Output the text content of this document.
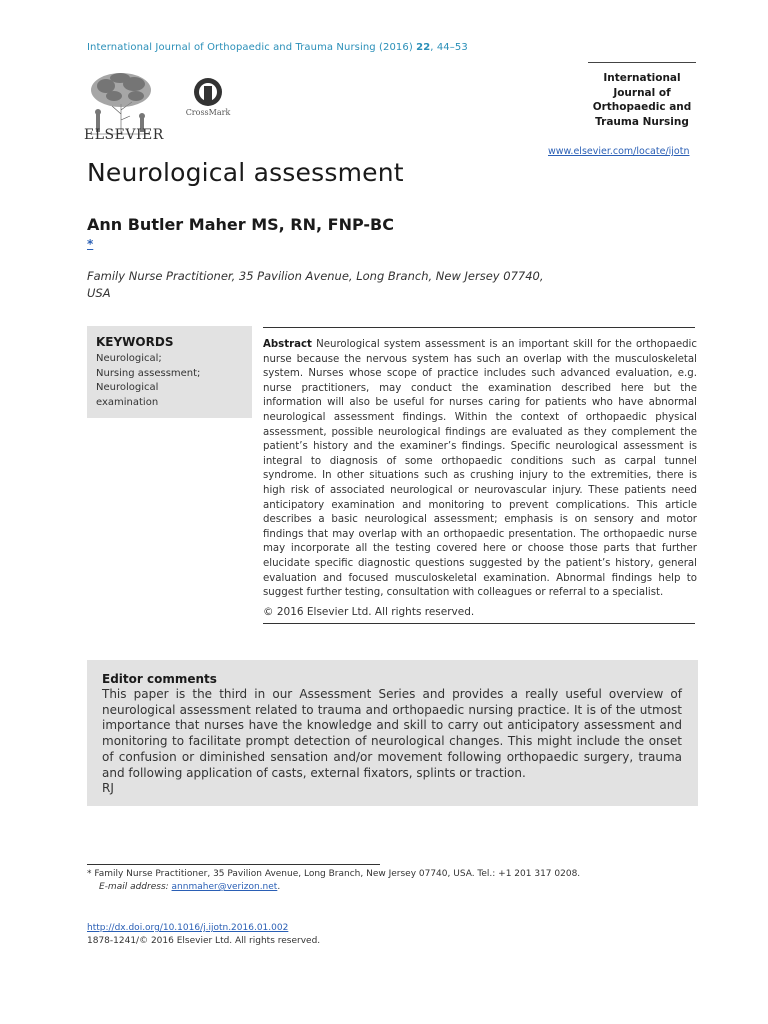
International Journal of Orthopaedic and Trauma Nursing (2016) 22, 44–53
ELSEVIER
CrossMark
International Journal of Orthopaedic and Trauma Nursing
www.elsevier.com/locate/ijotn
Neurological assessment
Ann Butler Maher MS, RN, FNP-BC
*
Family Nurse Practitioner, 35 Pavilion Avenue, Long Branch, New Jersey 07740, USA
KEYWORDS
Neurological;
Nursing assessment;
Neurological examination
Abstract Neurological system assessment is an important skill for the orthopaedic nurse because the nervous system has such an overlap with the musculoskeletal system. Nurses whose scope of practice includes such advanced evaluation, e.g. nurse practitioners, may conduct the examination described here but the information will also be useful for nurses caring for patients who have abnormal neurological assessment findings. Within the context of orthopaedic physical assessment, possible neurological findings are evaluated as they complement the patient’s history and the examiner’s findings. Specific neurological assessment is integral to diagnosis of some orthopaedic conditions such as carpal tunnel syndrome. In other situations such as crushing injury to the extremities, there is high risk of associated neurological or neurovascular injury. These patients need anticipatory examination and monitoring to prevent complications. This article describes a basic neurological assessment; emphasis is on sensory and motor findings that may overlap with an orthopaedic presentation. The orthopaedic nurse may incorporate all the testing covered here or choose those parts that further elucidate specific diagnostic questions suggested by the patient’s history, general evaluation and focused musculoskeletal examination. Abnormal findings help to suggest further testing, consultation with colleagues or referral to a specialist.
© 2016 Elsevier Ltd. All rights reserved.
Editor comments
This paper is the third in our Assessment Series and provides a really useful overview of neurological assessment related to trauma and orthopaedic nursing practice. It is of the utmost importance that nurses have the knowledge and skill to carry out anticipatory assessment and monitoring to facilitate prompt detection of neurological changes. This might include the onset of confusion or diminished sensation and/or movement following orthopaedic surgery, trauma and following application of casts, external fixators, splints or traction.
RJ
* Family Nurse Practitioner, 35 Pavilion Avenue, Long Branch, New Jersey 07740, USA. Tel.: +1 201 317 0208.
E-mail address: annmaher@verizon.net.
http://dx.doi.org/10.1016/j.ijotn.2016.01.002
1878-1241/© 2016 Elsevier Ltd. All rights reserved.
